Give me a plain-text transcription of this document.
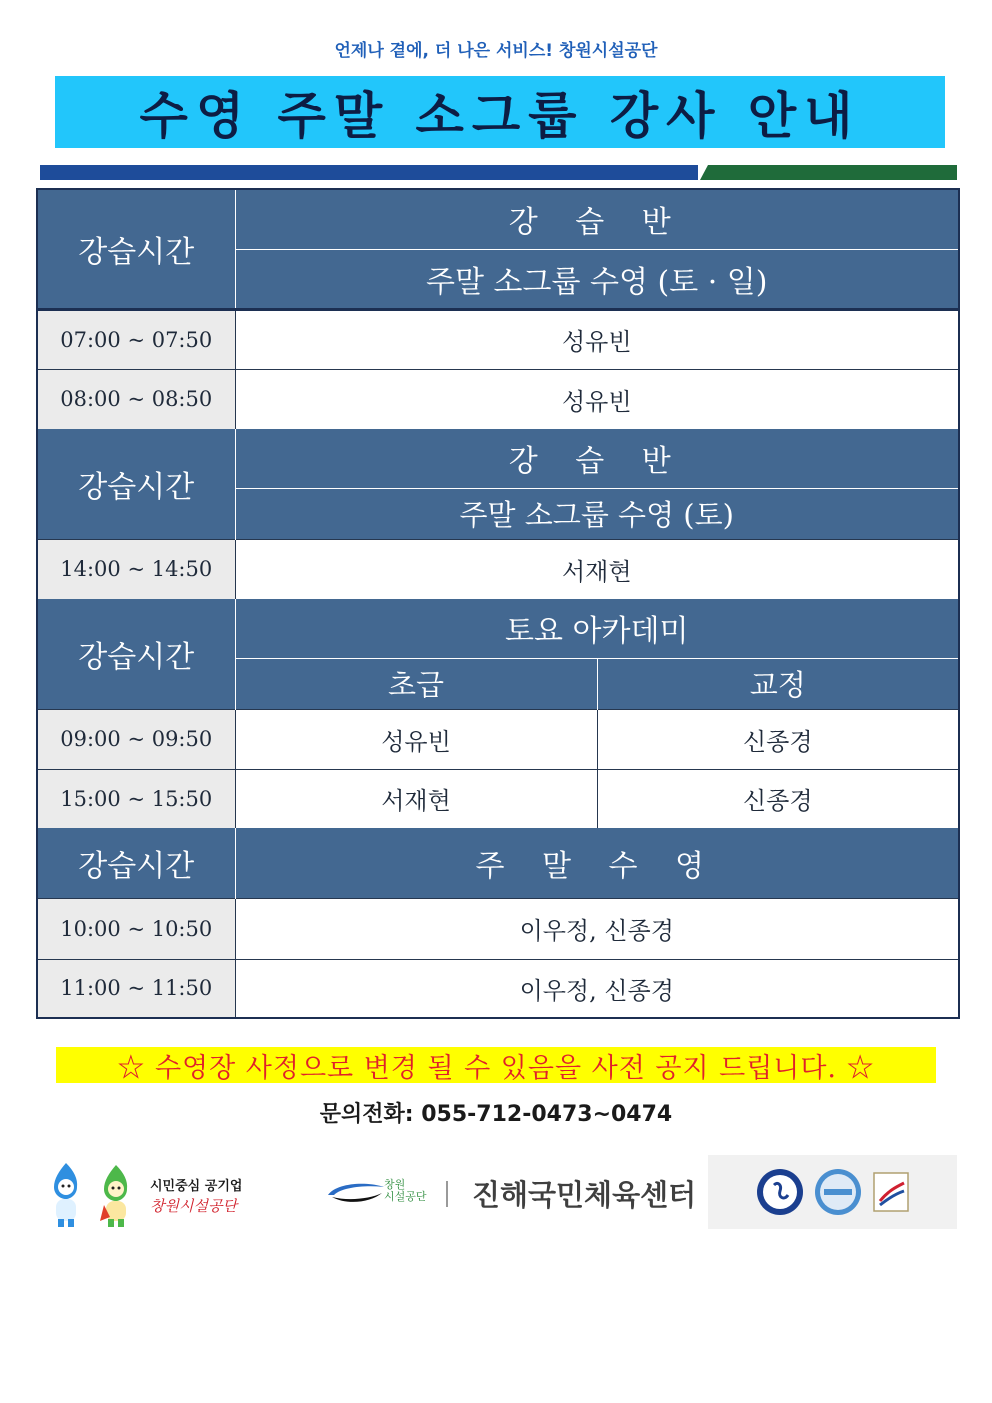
언제나 곁에, 더 나은 서비스! 창원시설공단
수영 주말 소그룹 강사 안내
강습시간	강 습 반	
	주말 소그룹 수영 (토 · 일)	
07:00 ~ 07:50	성유빈	
08:00 ~ 08:50	성유빈	
강습시간	강 습 반	
	주말 소그룹 수영 (토)	
14:00 ~ 14:50	서재현	
강습시간	토요 아카데미	
	초급	교정
09:00 ~ 09:50	성유빈	신종경
15:00 ~ 15:50	서재현	신종경
강습시간	주 말 수 영	
10:00 ~ 10:50	이우정, 신종경	
11:00 ~ 11:50	이우정, 신종경	
☆ 수영장 사정으로 변경 될 수 있음을 사전 공지 드립니다. ☆
문의전화: 055-712-0473~0474
시민중심 공기업
창원시설공단
창원
시설공단 진해국민체육센터
